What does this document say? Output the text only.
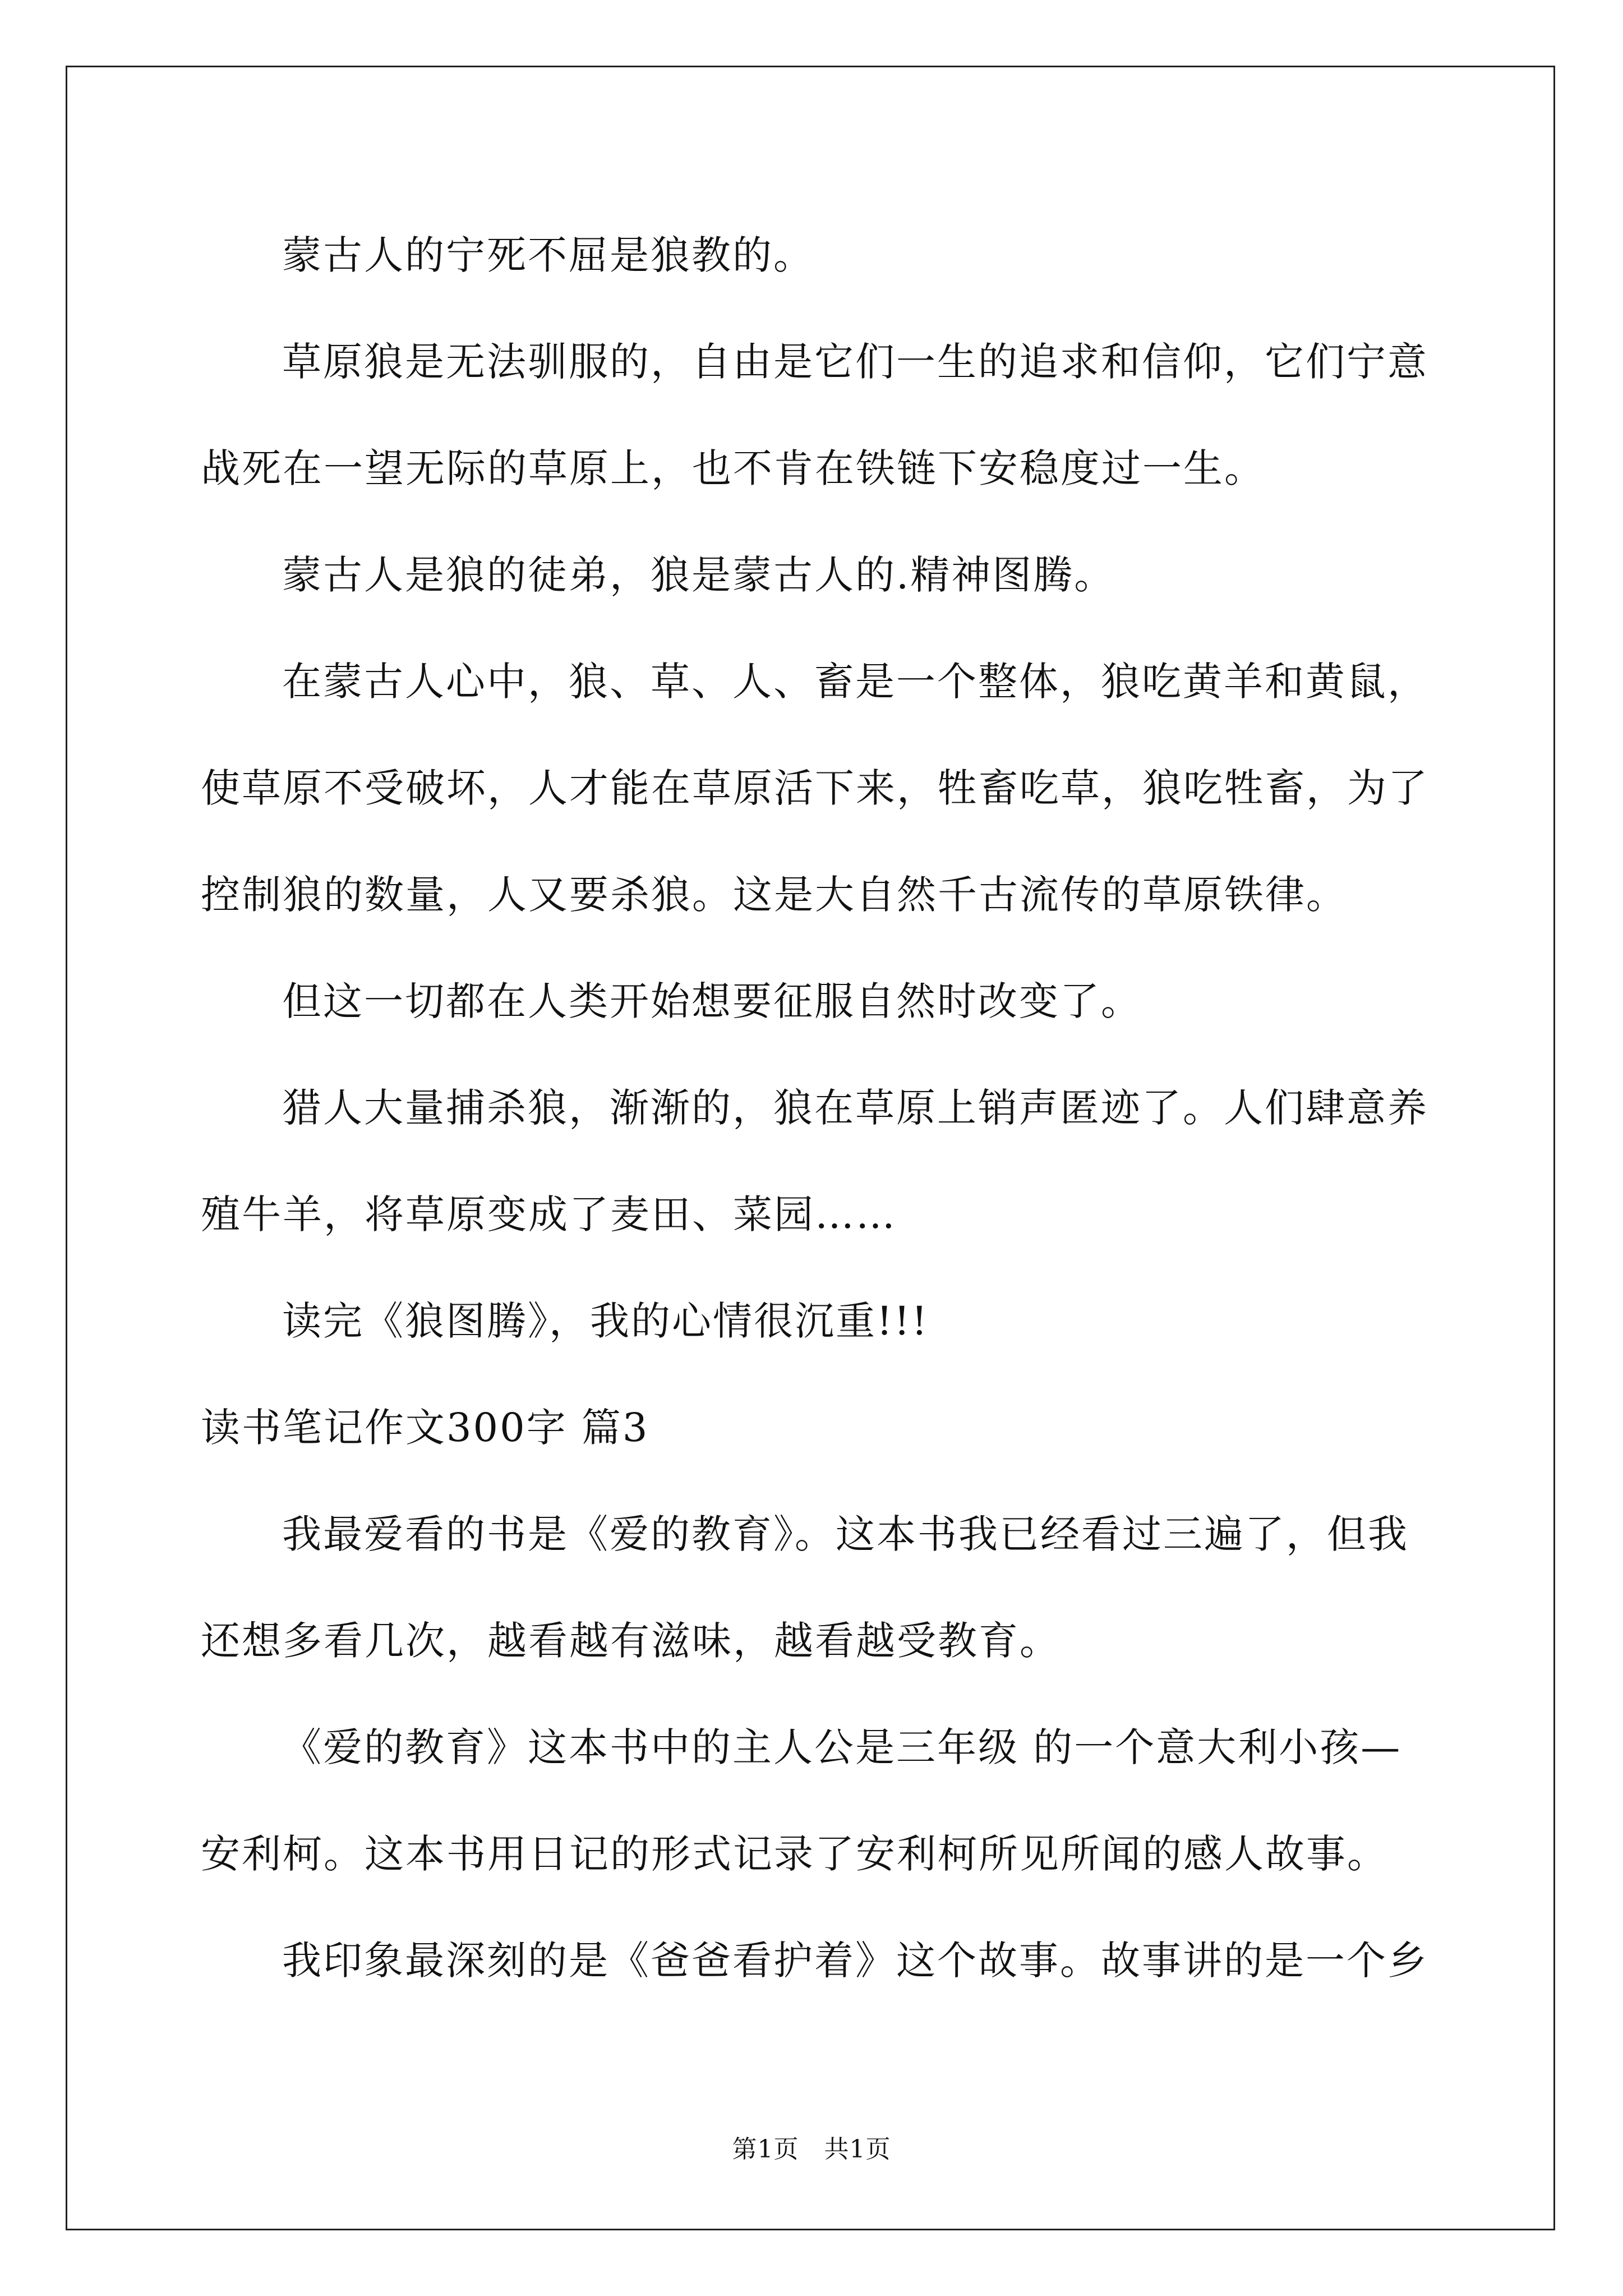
蒙古人的宁死不屈是狼教的。

草原狼是无法驯服的，自由是它们一生的追求和信仰，它们宁意战死在一望无际的草原上，也不肯在铁链下安稳度过一生。

蒙古人是狼的徒弟，狼是蒙古人的.精神图腾。

在蒙古人心中，狼、草、人、畜是一个整体，狼吃黄羊和黄鼠，使草原不受破坏，人才能在草原活下来，牲畜吃草，狼吃牲畜，为了控制狼的数量，人又要杀狼。这是大自然千古流传的草原铁律。

但这一切都在人类开始想要征服自然时改变了。

猎人大量捕杀狼，渐渐的，狼在草原上销声匿迹了。人们肆意养殖牛羊，将草原变成了麦田、菜园……

读完《狼图腾》，我的心情很沉重!!!

读书笔记作文300字 篇3

我最爱看的书是《爱的教育》。这本书我已经看过三遍了，但我还想多看几次，越看越有滋味，越看越受教育。

《爱的教育》这本书中的主人公是三年级 的一个意大利小孩—安利柯。这本书用日记的形式记录了安利柯所见所闻的感人故事。

我印象最深刻的是《爸爸看护着》这个故事。故事讲的是一个乡

第1页　共1页
